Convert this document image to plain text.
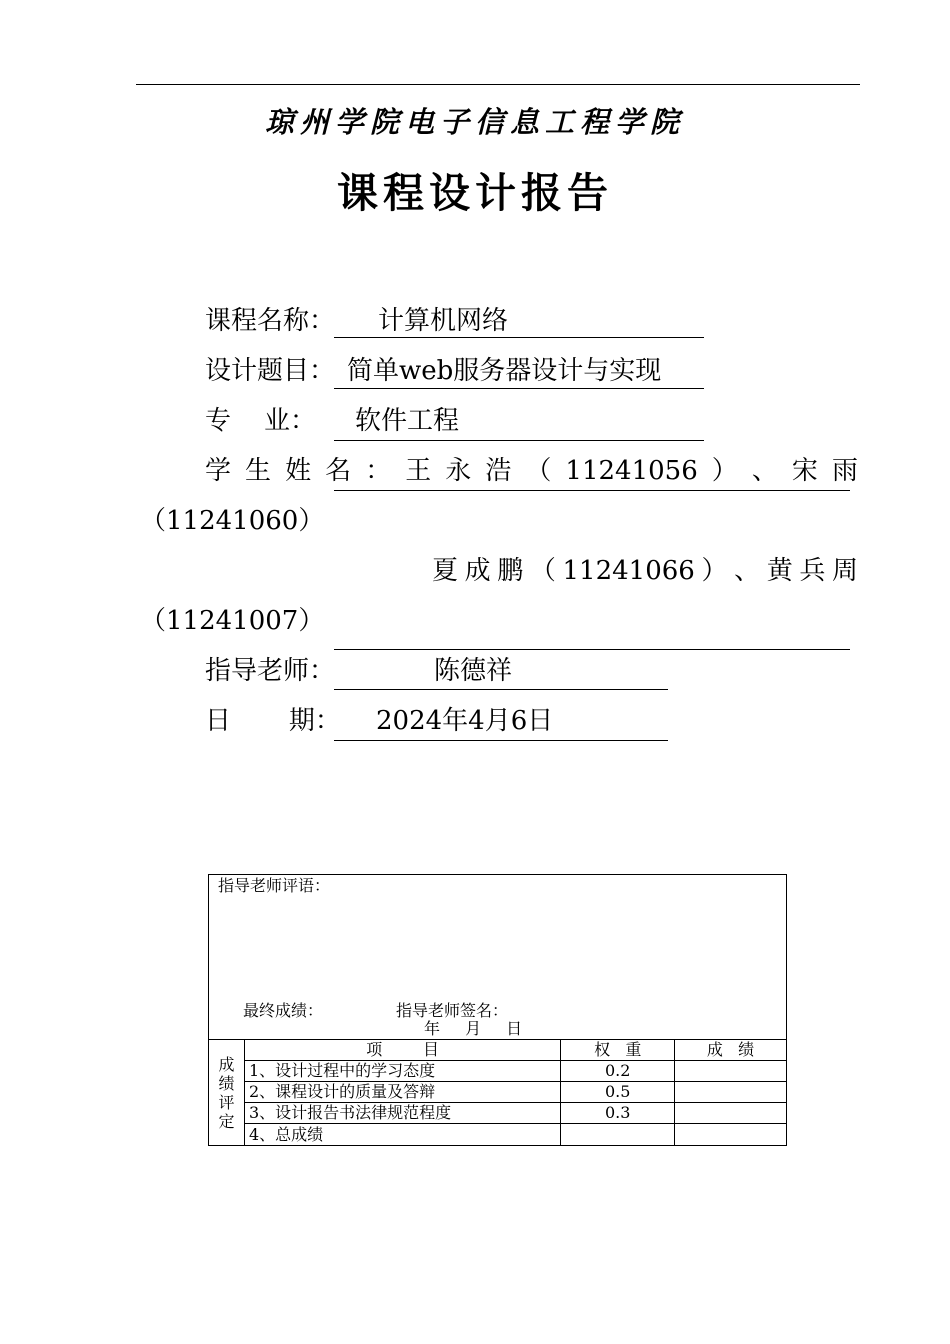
琼州学院电子信息工程学院
课程设计报告
课程名称： 计算机网络
设计题目： 简单web服务器设计与实现
专    业： 软件工程
学 生 姓 名 ： 王 永 浩 （ 11241056 ） 、 宋 雨
（11241060）
夏 成 鹏 （ 11241066 ） 、 黄 兵 周
（11241007）
指导老师：	陈德祥
日       期： 2024年4月6日
指导老师评语：
最终成绩： 指导老师签名：
年 月 日			

成
绩
评
定	项        目	权   重	成   绩
	1、设计过程中的学习态度	0.2	
	2、课程设计的质量及答辩	0.5	
	3、设计报告书法律规范程度	0.3	
	4、总成绩		
